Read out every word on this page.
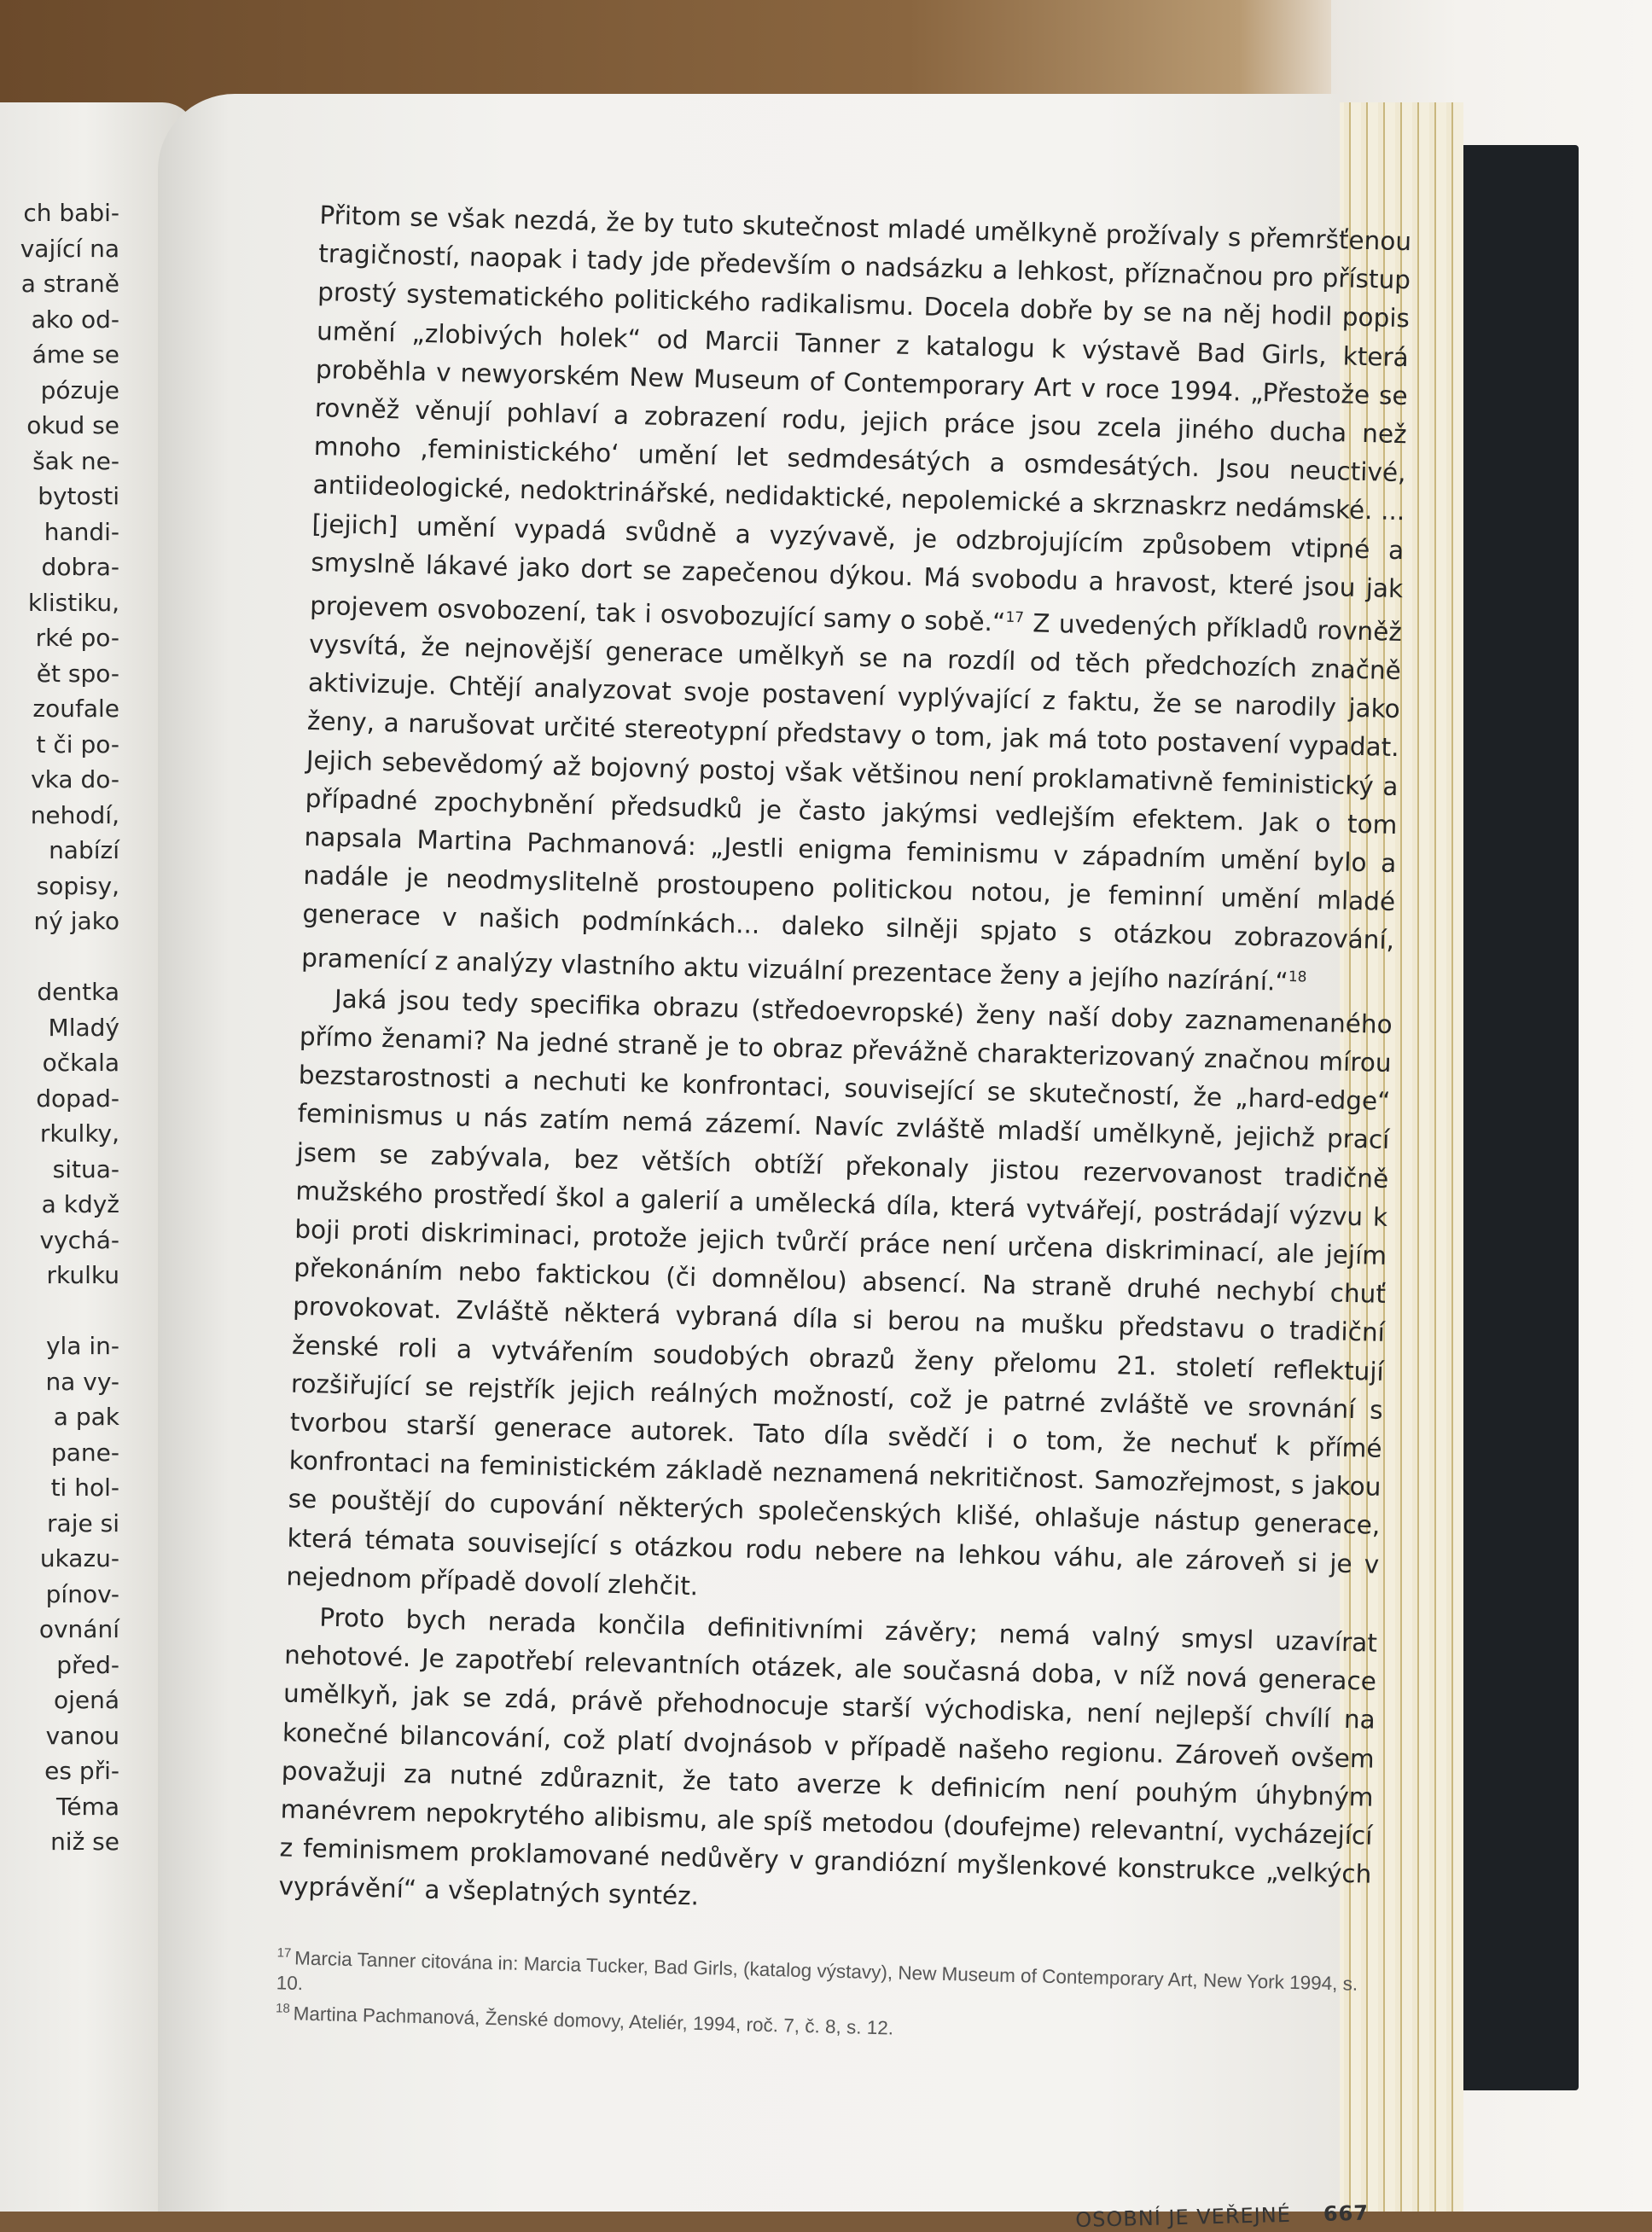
ch babi-
vající na
a straně
ako od-
áme se
pózuje
okud se
šak ne-
bytosti
handi-
dobra-
klistiku,
rké po-
ět spo-
zoufale
t či po-
vka do-
nehodí,
nabízí
sopisy,
ný jako
dentka
Mladý
očkala
dopad-
rkulky,
situa-
a když
vychá-
rkulku
yla in-
na vy-
a pak
pane-
ti hol-
raje si
ukazu-
pínov-
ovnání
před-
ojená
vanou
es při-
Téma
niž se

Přitom se však nezdá, že by tuto skutečnost mladé umělkyně prožívaly s přemršťenou tragičností, naopak i tady jde především o nadsázku a lehkost, příznačnou pro přístup prostý systematického politického radikalismu. Docela dobře by se na něj hodil popis umění „zlobivých holek“ od Marcii Tanner z katalogu k výstavě Bad Girls, která proběhla v newyorském New Museum of Contemporary Art v roce 1994. „Přestože se rovněž věnují pohlaví a zobrazení rodu, jejich práce jsou zcela jiného ducha než mnoho ‚feministického‘ umění let sedmdesátých a osmdesátých. Jsou neuctivé, antiideologické, nedoktrinářské, nedidaktické, nepolemické a skrznaskrz nedámské. ... [jejich] umění vypadá svůdně a vyzývavě, je odzbrojujícím způsobem vtipné a smyslně lákavé jako dort se zapečenou dýkou. Má svobodu a hravost, které jsou jak projevem osvobození, tak i osvobozující samy o sobě.“$^{17}$ Z uvedených příkladů rovněž vysvítá, že nejnovější generace umělkyň se na rozdíl od těch předchozích značně aktivizuje. Chtějí analyzovat svoje postavení vyplývající z faktu, že se narodily jako ženy, a narušovat určité stereotypní představy o tom, jak má toto postavení vypadat. Jejich sebevědomý až bojovný postoj však většinou není proklamativně feministický a případné zpochybnění předsudků je často jakýmsi vedlejším efektem. Jak o tom napsala Martina Pachmanová: „Jestli enigma feminismu v západním umění bylo a nadále je neodmyslitelně prostoupeno politickou notou, je feminní umění mladé generace v našich podmínkách... daleko silněji spjato s otázkou zobrazování, pramenící z analýzy vlastního aktu vizuální prezentace ženy a jejího nazírání.“$^{18}$

Jaká jsou tedy specifika obrazu (středoevropské) ženy naší doby zaznamenaného přímo ženami? Na jedné straně je to obraz převážně charakterizovaný značnou mírou bezstarostnosti a nechuti ke konfrontaci, související se skutečností, že „hard-edge“ feminismus u nás zatím nemá zázemí. Navíc zvláště mladší umělkyně, jejichž prací jsem se zabývala, bez větších obtíží překonaly jistou rezervovanost tradičně mužského prostředí škol a galerií a umělecká díla, která vytvářejí, postrádají výzvu k boji proti diskriminaci, protože jejich tvůrčí práce není určena diskriminací, ale jejím překonáním nebo faktickou (či domnělou) absencí. Na straně druhé nechybí chuť provokovat. Zvláště některá vybraná díla si berou na mušku představu o tradiční ženské roli a vytvářením soudobých obrazů ženy přelomu 21. století reflektují rozšiřující se rejstřík jejich reálných možností, což je patrné zvláště ve srovnání s tvorbou starší generace autorek. Tato díla svědčí i o tom, že nechuť k přímé konfrontaci na feministickém základě neznamená nekritičnost. Samozřejmost, s jakou se pouštějí do cupování některých společenských klišé, ohlašuje nástup generace, která témata související s otázkou rodu nebere na lehkou váhu, ale zároveň si je v nejednom případě dovolí zlehčit.

Proto bych nerada končila definitivními závěry; nemá valný smysl uzavírat nehotové. Je zapotřebí relevantních otázek, ale současná doba, v níž nová generace umělkyň, jak se zdá, právě přehodnocuje starší východiska, není nejlepší chvílí na konečné bilancování, což platí dvojnásob v případě našeho regionu. Zároveň ovšem považuji za nutné zdůraznit, že tato averze k definicím není pouhým úhybným manévrem nepokrytého alibismu, ale spíš metodou (doufejme) relevantní, vycházející z feminismem proklamované nedůvěry v grandiózní myšlenkové konstrukce „velkých vyprávění“ a všeplatných syntéz.

$^{17}$ Marcia Tanner citována in: Marcia Tucker, Bad Girls, (katalog výstavy), New Museum of Contemporary Art, New York 1994, s. 10.

$^{18}$ Martina Pachmanová, Ženské domovy, Ateliér, 1994, roč. 7, č. 8, s. 12.

OSOBNÍ JE VEŘEJNÉ 667
